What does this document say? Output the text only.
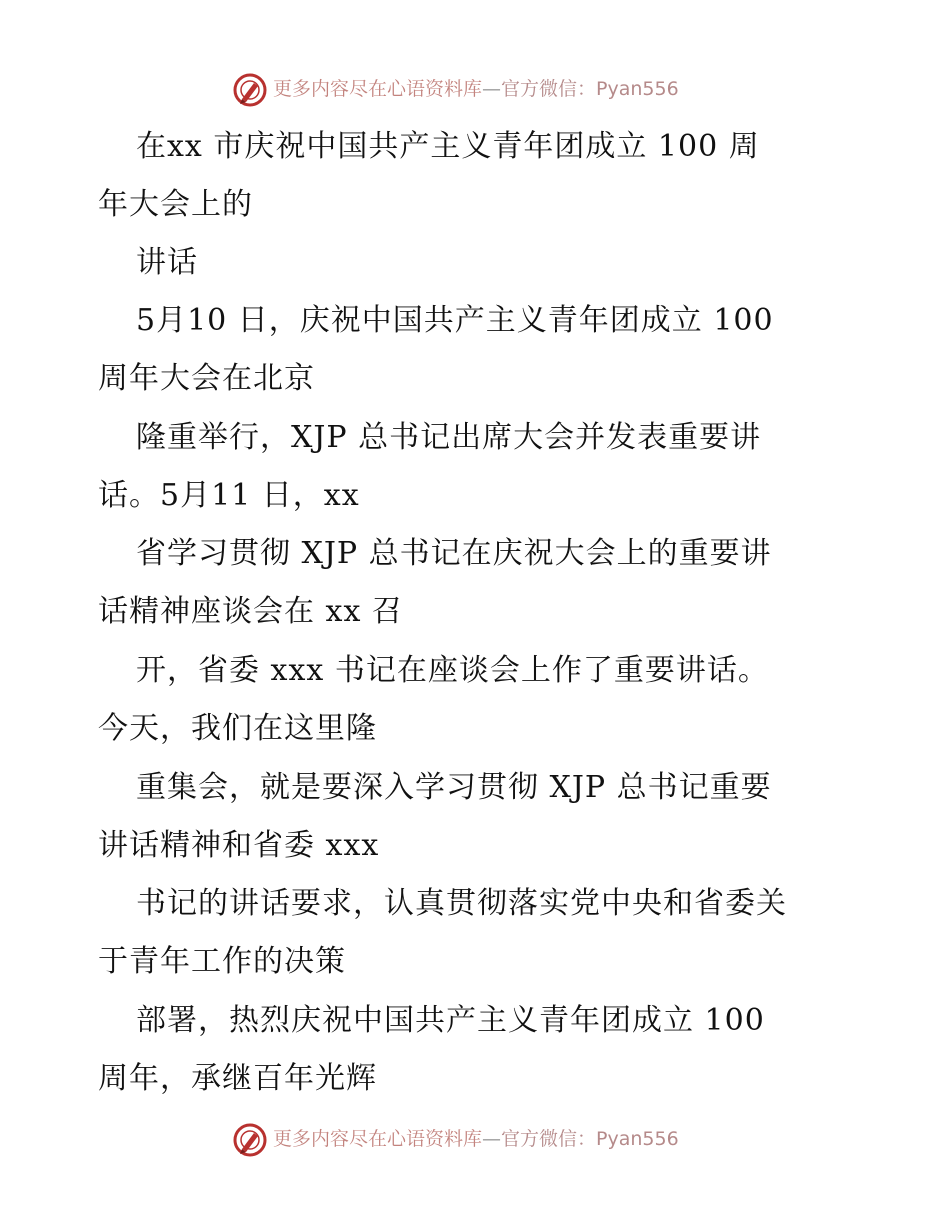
更多内容尽在心语资料库—官方微信：Pyan556
在xx 市庆祝中国共产主义青年团成立 100 周
年大会上的
讲话
5月10 日，庆祝中国共产主义青年团成立 100
周年大会在北京
隆重举行，XJP 总书记出席大会并发表重要讲
话。5月11 日，xx
省学习贯彻 XJP 总书记在庆祝大会上的重要讲
话精神座谈会在 xx 召
开，省委 xxx 书记在座谈会上作了重要讲话。
今天，我们在这里隆
重集会，就是要深入学习贯彻 XJP 总书记重要
讲话精神和省委 xxx
书记的讲话要求，认真贯彻落实党中央和省委关
于青年工作的决策
部署，热烈庆祝中国共产主义青年团成立 100
周年，承继百年光辉
更多内容尽在心语资料库—官方微信：Pyan556
